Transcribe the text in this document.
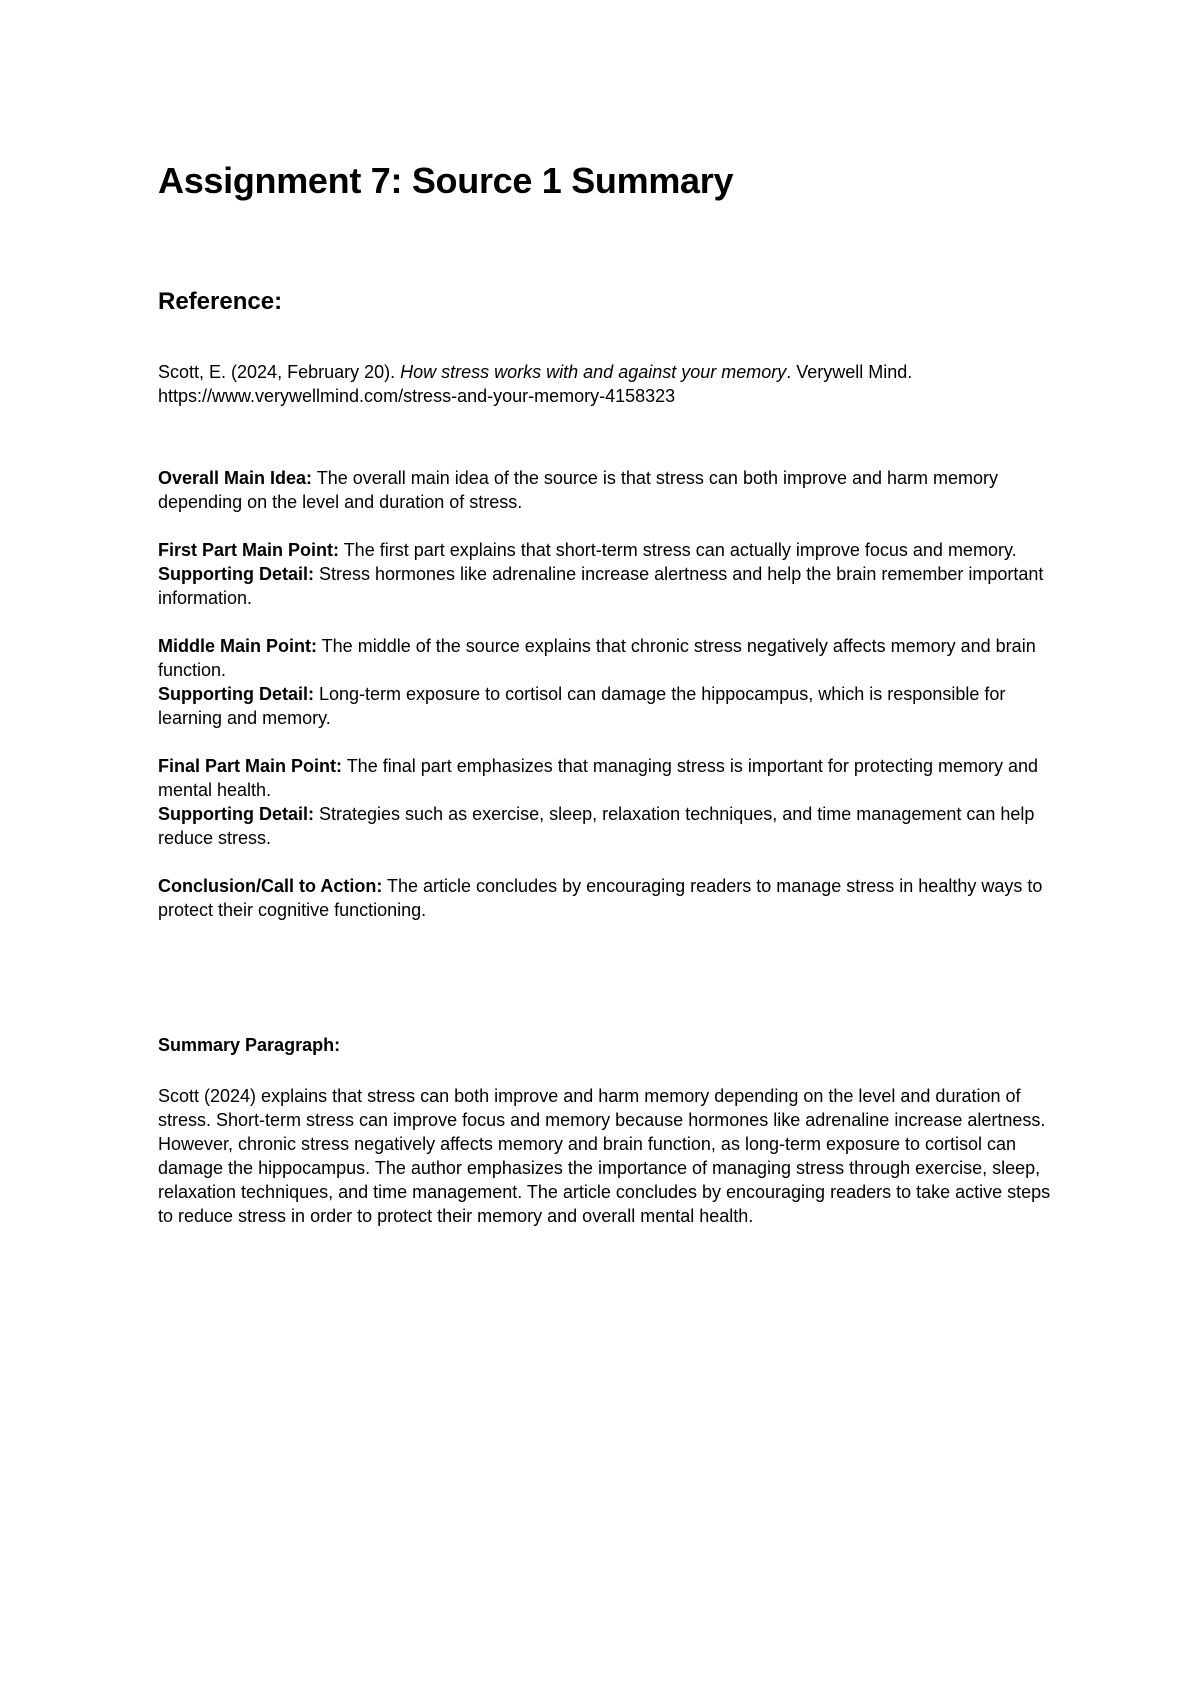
Assignment 7: Source 1 Summary
Reference:

Scott, E. (2024, February 20). How stress works with and against your memory. Verywell Mind.
https://www.verywellmind.com/stress-and-your-memory-4158323

Overall Main Idea: The overall main idea of the source is that stress can both improve and harm memory depending on the level and duration of stress.

First Part Main Point: The first part explains that short-term stress can actually improve focus and memory.

Supporting Detail: Stress hormones like adrenaline increase alertness and help the brain remember important information.

Middle Main Point: The middle of the source explains that chronic stress negatively affects memory and brain function.

Supporting Detail: Long-term exposure to cortisol can damage the hippocampus, which is responsible for learning and memory.

Final Part Main Point: The final part emphasizes that managing stress is important for protecting memory and mental health.

Supporting Detail: Strategies such as exercise, sleep, relaxation techniques, and time management can help reduce stress.

Conclusion/Call to Action: The article concludes by encouraging readers to manage stress in healthy ways to protect their cognitive functioning.

Summary Paragraph:

Scott (2024) explains that stress can both improve and harm memory depending on the level and duration of stress. Short-term stress can improve focus and memory because hormones like adrenaline increase alertness. However, chronic stress negatively affects memory and brain function, as long-term exposure to cortisol can damage the hippocampus. The author emphasizes the importance of managing stress through exercise, sleep, relaxation techniques, and time management. The article concludes by encouraging readers to take active steps to reduce stress in order to protect their memory and overall mental health.
